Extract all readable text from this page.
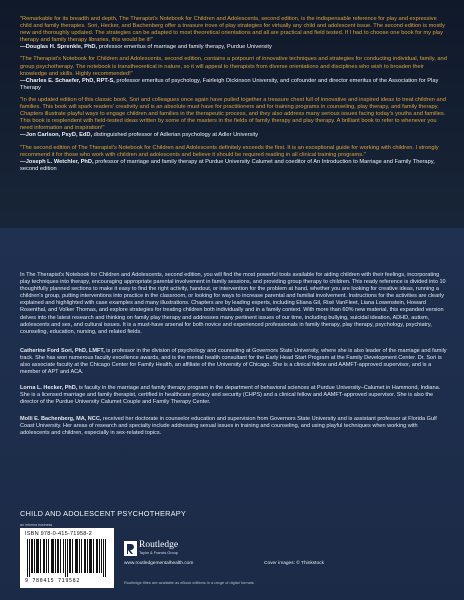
"Remarkable for its breadth and depth, The Therapist's Notebook for Children and Adolescents, second edition, is the indispensable reference for play and expressive child and family therapies. Sori, Hecker, and Bachenberg offer a treasure trove of play strategies for virtually any child and adolescent issue. The second edition is mostly new and thoroughly updated. The strategies can be adapted to most theoretical orientations and all are practical and field tested. If I had to choose one book for my play therapy and family therapy libraries, this would be it!"

—Douglas H. Sprenkle, PhD, professor emeritus of marriage and family therapy, Purdue University

"The Therapist's Notebook for Children and Adolescents, second edition, contains a potpourri of innovative techniques and strategies for conducting individual, family, and group psychotherapy. The notebook is transtheoretical in nature, so it will appeal to therapists from diverse orientations and disciplines who wish to broaden their knowledge and skills. Highly recommended!"

—Charles E. Schaefer, PhD, RPT-S, professor emeritus of psychology, Fairleigh Dickinson University, and cofounder and director emeritus of the Association for Play Therapy

"In the updated edition of this classic book, Sori and colleagues once again have pulled together a treasure chest full of innovative and inspired ideas to treat children and families. This book will spark readers' creativity and is an absolute must have for practitioners and for training programs in counseling, play therapy, and family therapy. Chapters illustrate playful ways to engage children and families in the therapeutic process, and they also address many serious issues facing today's youths and families. This book is resplendent with field-tested ideas written by some of the masters in the fields of family therapy and play therapy. A brilliant book to refer to whenever you need information and inspiration!"

—Jon Carlson, PsyD, EdD, distinguished professor of Adlerian psychology at Adler University

"The second edition of The Therapist's Notebook for Children and Adolescents definitely exceeds the first. It is an exceptional guide for working with children. I strongly recommend it for those who work with children and adolescents and believe it should be required reading in all clinical training programs."

—Joseph L. Wetchler, PhD, professor of marriage and family therapy at Purdue University Calumet and coeditor of An Introduction to Marriage and Family Therapy, second edition

In The Therapist's Notebook for Children and Adolescents, second edition, you will find the most powerful tools available for aiding children with their feelings, incorporating play techniques into therapy, encouraging appropriate parental involvement in family sessions, and providing group therapy to children. This ready reference is divided into 10 thoughtfully planned sections to make it easy to find the right activity, handout, or intervention for the problem at hand, whether you are looking for creative ideas, running a children's group, putting interventions into practice in the classroom, or looking for ways to increase parental and familial involvement. Instructions for the activities are clearly explained and highlighted with case examples and many illustrations. Chapters are by leading experts, including Eliana Gil, Risé VanFleet, Liana Lowenstein, Howard Rosenthal, and Volker Thomas, and explore strategies for treating children both individually and in a family context. With more than 60% new material, this expanded version delves into the latest research and thinking on family play therapy and addresses many pertinent issues of our time, including bullying, suicidal ideation, ADHD, autism, adolescents and sex, and cultural issues. It is a must-have arsenal for both novice and experienced professionals in family therapy, play therapy, psychology, psychiatry, counseling, education, nursing, and related fields.

Catherine Ford Sori, PhD, LMFT, is professor in the division of psychology and counseling at Governors State University, where she is also leader of the marriage and family track. She has won numerous faculty excellence awards, and is the mental health consultant for the Early Head Start Program at the Family Development Center. Dr. Sori is also associate faculty at the Chicago Center for Family Health, an affiliate of the University of Chicago. She is a clinical fellow and AAMFT-approved supervisor, and is a member of APT and ACA.

Lorna L. Hecker, PhD, is faculty in the marriage and family therapy program in the department of behavioral sciences at Purdue University–Calumet in Hammond, Indiana. She is a licensed marriage and family therapist, certified in healthcare privacy and security (CHPS) and a clinical fellow and AAMFT-approved supervisor. She is also the director of the Purdue University Calumet Couple and Family Therapy Center.

Molli E. Bachenberg, MA, NCC, received her doctorate in counselor education and supervision from Governors State University and is assistant professor at Florida Gulf Coast University. Her areas of research and specialty include addressing sexual issues in training and counseling, and using playful techniques when working with adolescents and children, especially in sex-related topics.

CHILD AND ADOLESCENT PSYCHOTHERAPY
an informa business
ISBN 978-0-415-71958-2
9 780415 719582
Routledge
Taylor & Francis Group
www.routledgementalhealth.com	Cover images: © Thinkstock
Routledge titles are available as eBook editions in a range of digital formats
